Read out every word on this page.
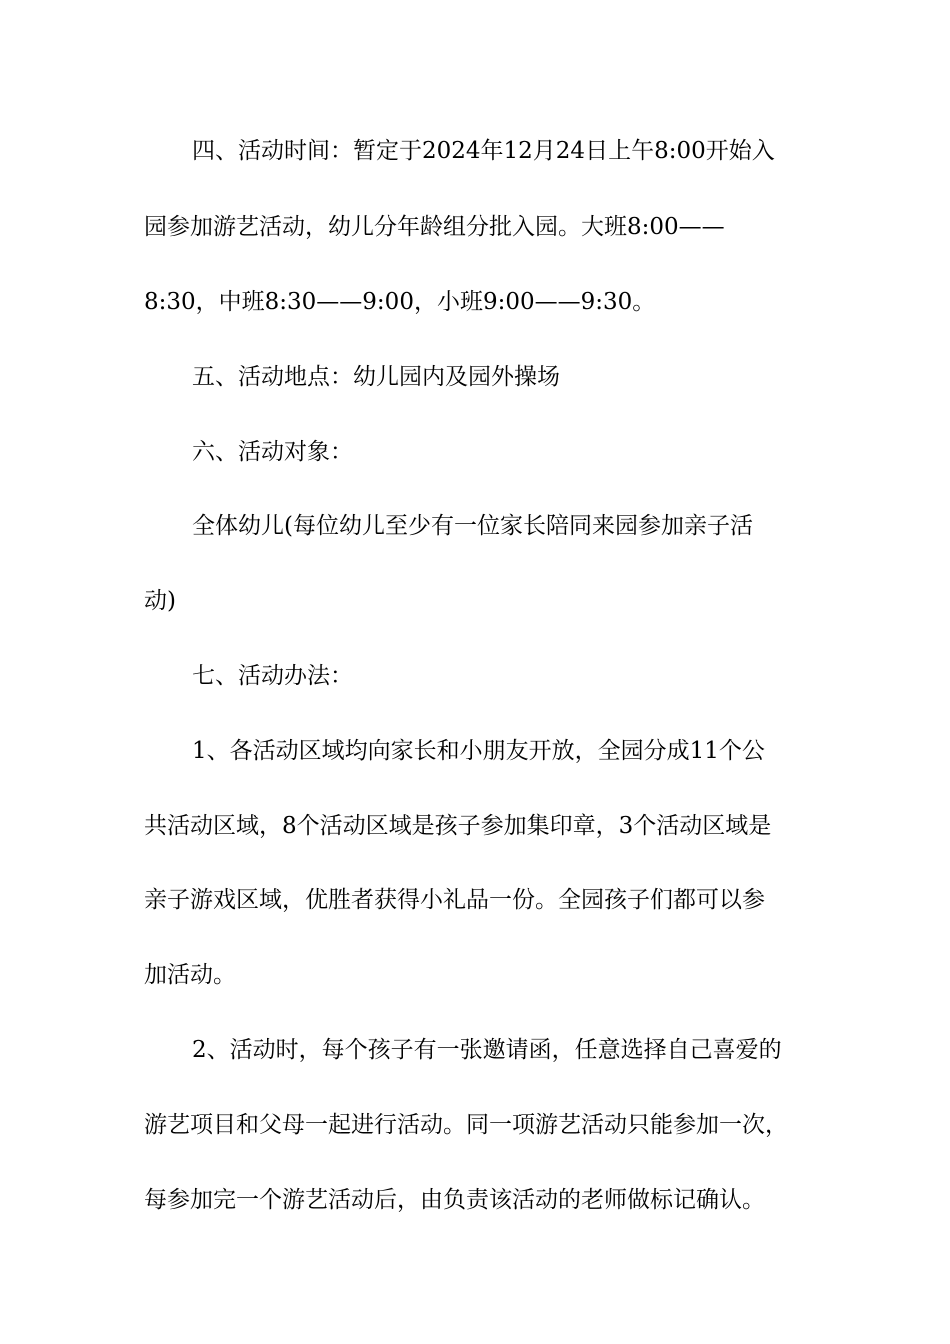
四、活动时间：暂定于2024年12月24日上午8:00开始入

园参加游艺活动，幼儿分年龄组分批入园。大班8:00——

8:30，中班8:30——9:00，小班9:00——9:30。

五、活动地点：幼儿园内及园外操场

六、活动对象：

全体幼儿(每位幼儿至少有一位家长陪同来园参加亲子活

动)

七、活动办法：

1、各活动区域均向家长和小朋友开放，全园分成11个公

共活动区域，8个活动区域是孩子参加集印章，3个活动区域是

亲子游戏区域，优胜者获得小礼品一份。全园孩子们都可以参

加活动。

2、活动时，每个孩子有一张邀请函，任意选择自己喜爱的

游艺项目和父母一起进行活动。同一项游艺活动只能参加一次，

每参加完一个游艺活动后，由负责该活动的老师做标记确认。
